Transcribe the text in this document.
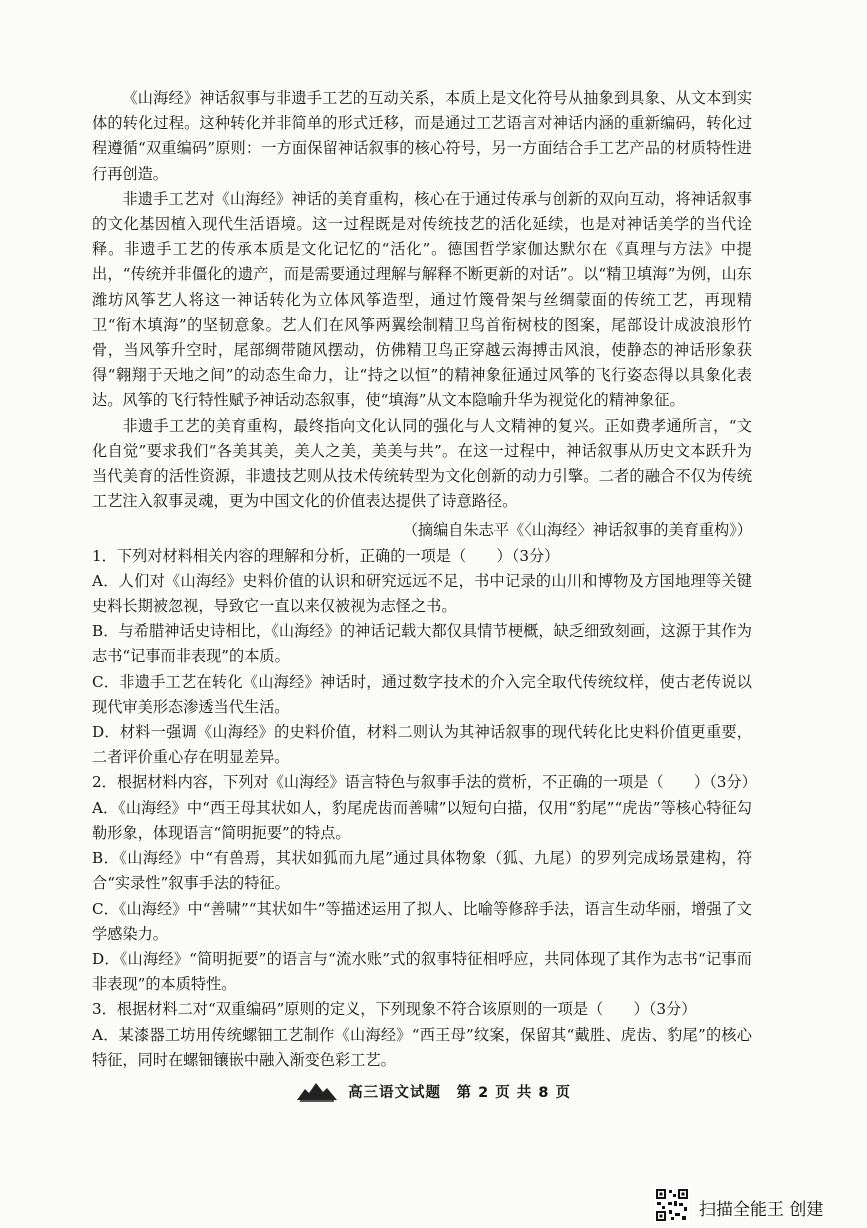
《山海经》神话叙事与非遗手工艺的互动关系，本质上是文化符号从抽象到具象、从文本到实体的转化过程。这种转化并非简单的形式迁移，而是通过工艺语言对神话内涵的重新编码，转化过程遵循“双重编码”原则：一方面保留神话叙事的核心符号，另一方面结合手工艺产品的材质特性进行再创造。

非遗手工艺对《山海经》神话的美育重构，核心在于通过传承与创新的双向互动，将神话叙事的文化基因植入现代生活语境。这一过程既是对传统技艺的活化延续，也是对神话美学的当代诠释。非遗手工艺的传承本质是文化记忆的“活化”。德国哲学家伽达默尔在《真理与方法》中提出，“传统并非僵化的遗产，而是需要通过理解与解释不断更新的对话”。以“精卫填海”为例，山东潍坊风筝艺人将这一神话转化为立体风筝造型，通过竹篾骨架与丝绸蒙面的传统工艺，再现精卫“衔木填海”的坚韧意象。艺人们在风筝两翼绘制精卫鸟首衔树枝的图案，尾部设计成波浪形竹骨，当风筝升空时，尾部绸带随风摆动，仿佛精卫鸟正穿越云海搏击风浪，使静态的神话形象获得“翱翔于天地之间”的动态生命力，让“持之以恒”的精神象征通过风筝的飞行姿态得以具象化表达。风筝的飞行特性赋予神话动态叙事，使“填海”从文本隐喻升华为视觉化的精神象征。

非遗手工艺的美育重构，最终指向文化认同的强化与人文精神的复兴。正如费孝通所言，“文化自觉”要求我们“各美其美，美人之美，美美与共”。在这一过程中，神话叙事从历史文本跃升为当代美育的活性资源，非遗技艺则从技术传统转型为文化创新的动力引擎。二者的融合不仅为传统工艺注入叙事灵魂，更为中国文化的价值表达提供了诗意路径。

（摘编自朱志平《〈山海经〉神话叙事的美育重构》）

1．下列对材料相关内容的理解和分析，正确的一项是（　　）（3分）

A．人们对《山海经》史料价值的认识和研究远远不足，书中记录的山川和博物及方国地理等关键史料长期被忽视，导致它一直以来仅被视为志怪之书。

B．与希腊神话史诗相比，《山海经》的神话记载大都仅具情节梗概，缺乏细致刻画，这源于其作为志书“记事而非表现”的本质。

C．非遗手工艺在转化《山海经》神话时，通过数字技术的介入完全取代传统纹样，使古老传说以现代审美形态渗透当代生活。

D．材料一强调《山海经》的史料价值，材料二则认为其神话叙事的现代转化比史料价值更重要，二者评价重心存在明显差异。

2．根据材料内容，下列对《山海经》语言特色与叙事手法的赏析，不正确的一项是（　　）（3分）

A．《山海经》中“西王母其状如人，豹尾虎齿而善啸”以短句白描，仅用“豹尾”“虎齿”等核心特征勾勒形象，体现语言“简明扼要”的特点。

B．《山海经》中“有兽焉，其状如狐而九尾”通过具体物象（狐、九尾）的罗列完成场景建构，符合“实录性”叙事手法的特征。

C．《山海经》中“善啸”“其状如牛”等描述运用了拟人、比喻等修辞手法，语言生动华丽，增强了文学感染力。

D．《山海经》“简明扼要”的语言与“流水账”式的叙事特征相呼应，共同体现了其作为志书“记事而非表现”的本质特性。

3．根据材料二对“双重编码”原则的定义，下列现象不符合该原则的一项是（　　）（3分）

A．某漆器工坊用传统螺钿工艺制作《山海经》“西王母”纹案，保留其“戴胜、虎齿、豹尾”的核心特征，同时在螺钿镶嵌中融入渐变色彩工艺。

高三语文试题　第 2 页 共 8 页
扫描全能王 创建
